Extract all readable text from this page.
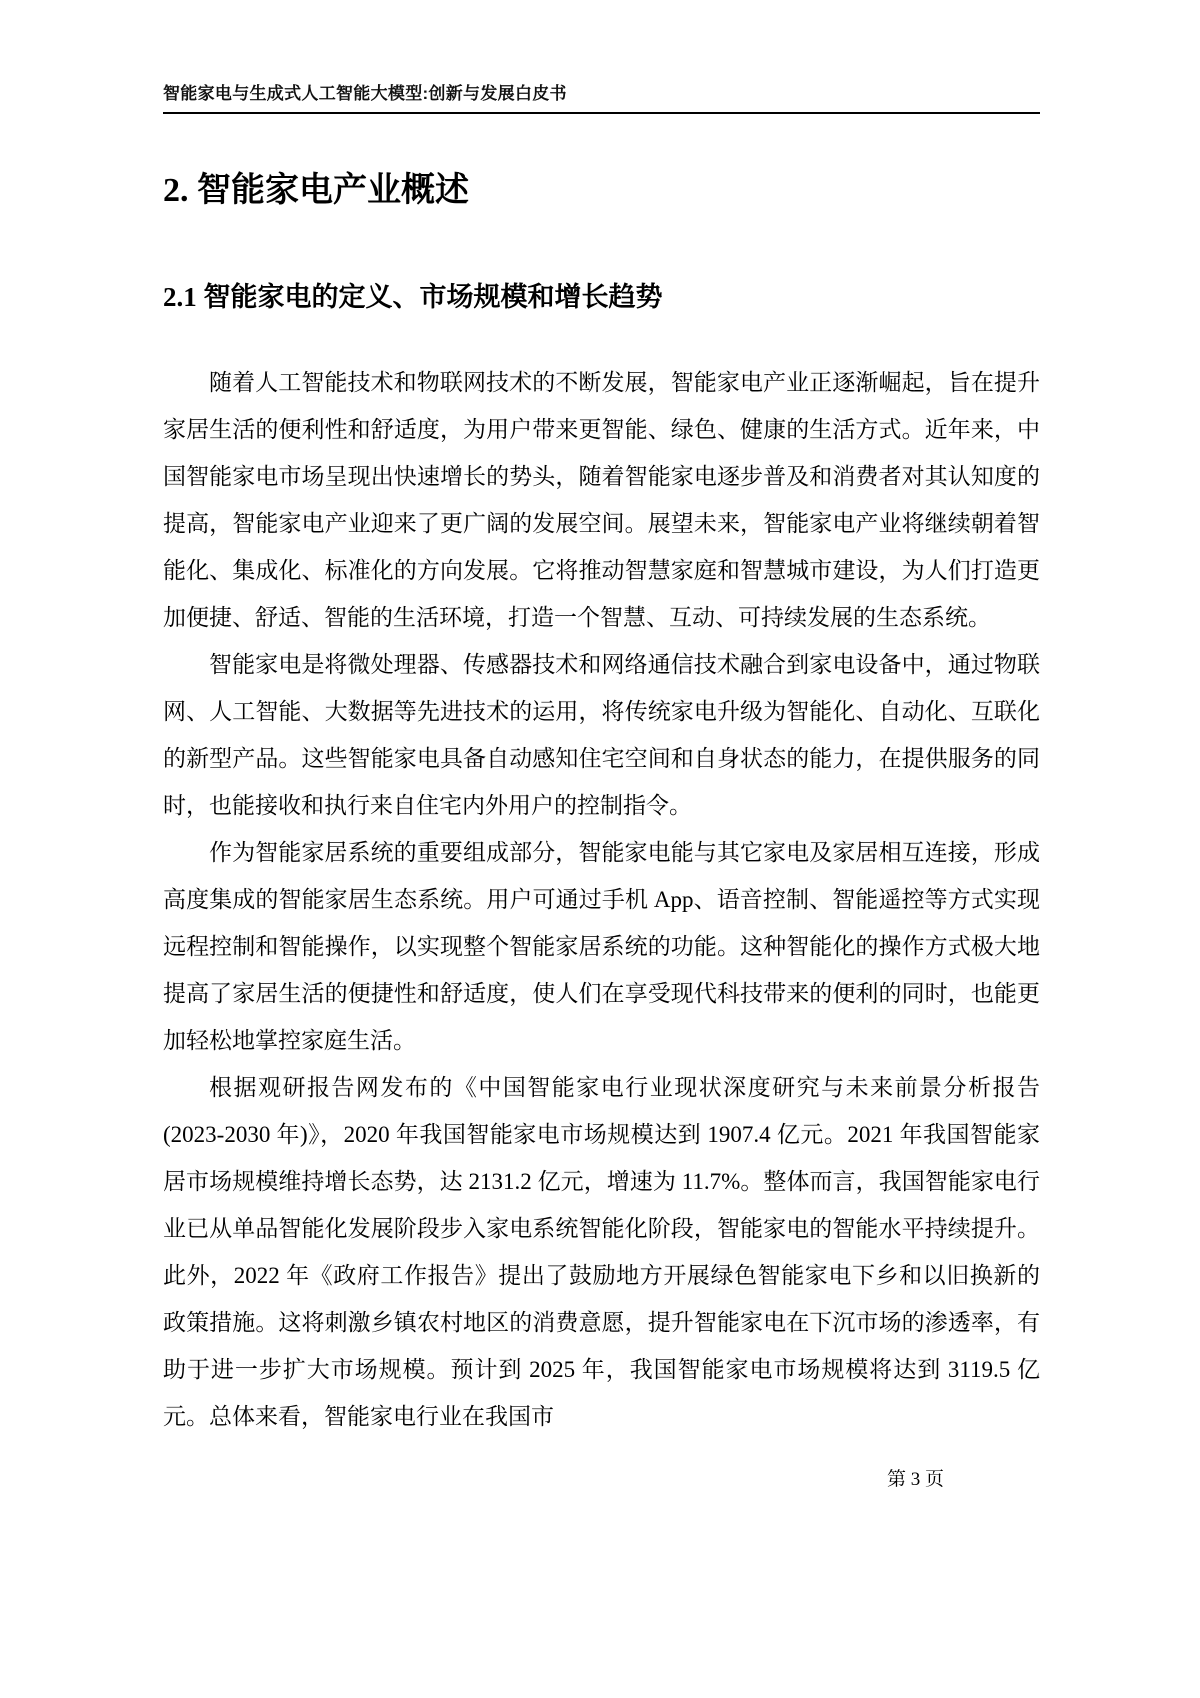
智能家电与生成式人工智能大模型:创新与发展白皮书
2. 智能家电产业概述
2.1 智能家电的定义、市场规模和增长趋势

随着人工智能技术和物联网技术的不断发展，智能家电产业正逐渐崛起，旨在提升家居生活的便利性和舒适度，为用户带来更智能、绿色、健康的生活方式。近年来，中国智能家电市场呈现出快速增长的势头，随着智能家电逐步普及和消费者对其认知度的提高，智能家电产业迎来了更广阔的发展空间。展望未来，智能家电产业将继续朝着智能化、集成化、标准化的方向发展。它将推动智慧家庭和智慧城市建设，为人们打造更加便捷、舒适、智能的生活环境，打造一个智慧、互动、可持续发展的生态系统。

智能家电是将微处理器、传感器技术和网络通信技术融合到家电设备中，通过物联网、人工智能、大数据等先进技术的运用，将传统家电升级为智能化、自动化、互联化的新型产品。这些智能家电具备自动感知住宅空间和自身状态的能力，在提供服务的同时，也能接收和执行来自住宅内外用户的控制指令。

作为智能家居系统的重要组成部分，智能家电能与其它家电及家居相互连接，形成高度集成的智能家居生态系统。用户可通过手机 App、语音控制、智能遥控等方式实现远程控制和智能操作，以实现整个智能家居系统的功能。这种智能化的操作方式极大地提高了家居生活的便捷性和舒适度，使人们在享受现代科技带来的便利的同时，也能更加轻松地掌控家庭生活。

根据观研报告网发布的《中国智能家电行业现状深度研究与未来前景分析报告(2023-2030 年)》，2020 年我国智能家电市场规模达到 1907.4 亿元。2021 年我国智能家居市场规模维持增长态势，达 2131.2 亿元，增速为 11.7%。整体而言，我国智能家电行业已从单品智能化发展阶段步入家电系统智能化阶段，智能家电的智能水平持续提升。此外，2022 年《政府工作报告》提出了鼓励地方开展绿色智能家电下乡和以旧换新的政策措施。这将刺激乡镇农村地区的消费意愿，提升智能家电在下沉市场的渗透率，有助于进一步扩大市场规模。预计到 2025 年，我国智能家电市场规模将达到 3119.5 亿元。总体来看，智能家电行业在我国市

第 3 页
